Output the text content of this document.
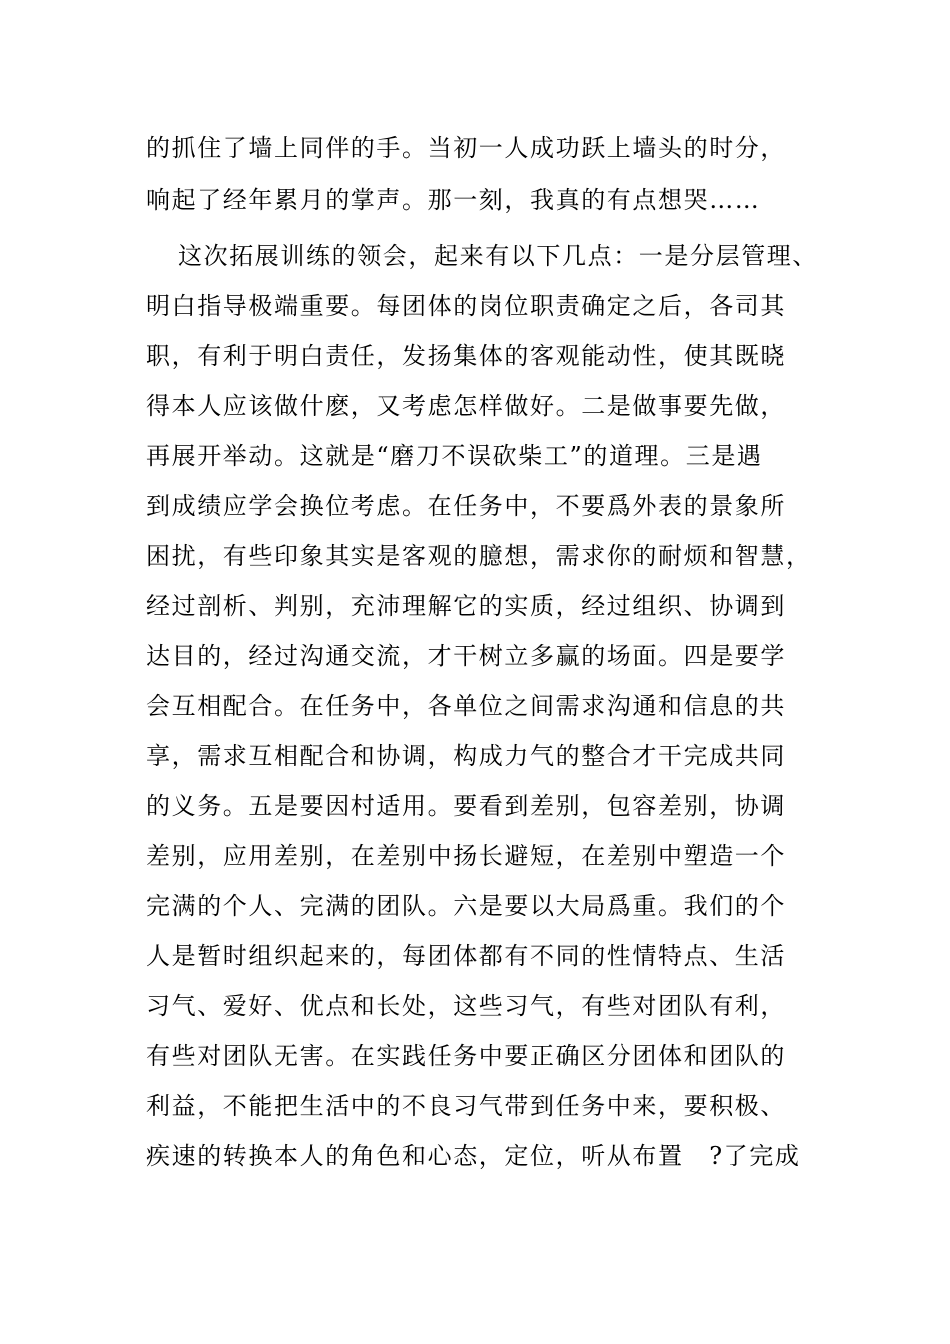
的抓住了墙上同伴的手。当初一人成功跃上墙头的时分，

响起了经年累月的掌声。那一刻，我真的有点想哭……

这次拓展训练的领会，起来有以下几点：一是分层管理、

明白指导极端重要。每团体的岗位职责确定之后，各司其

职，有利于明白责任，发扬集体的客观能动性，使其既晓

得本人应该做什麽，又考虑怎样做好。二是做事要先做，

再展开举动。这就是“磨刀不误砍柴工”的道理。三是遇

到成绩应学会换位考虑。在任务中，不要爲外表的景象所

困扰，有些印象其实是客观的臆想，需求你的耐烦和智慧，

经过剖析、判别，充沛理解它的实质，经过组织、协调到

达目的，经过沟通交流，才干树立多赢的场面。四是要学

会互相配合。在任务中，各单位之间需求沟通和信息的共

享，需求互相配合和协调，构成力气的整合才干完成共同

的义务。五是要因村适用。要看到差别，包容差别，协调

差别，应用差别，在差别中扬长避短，在差别中塑造一个

完满的个人、完满的团队。六是要以大局爲重。我们的个

人是暂时组织起来的，每团体都有不同的性情特点、生活

习气、爱好、优点和长处，这些习气，有些对团队有利，

有些对团队无害。在实践任务中要正确区分团体和团队的

利益，不能把生活中的不良习气带到任务中来，要积极、

疾速的转换本人的角色和心态，定位，听从布置　?了完成
